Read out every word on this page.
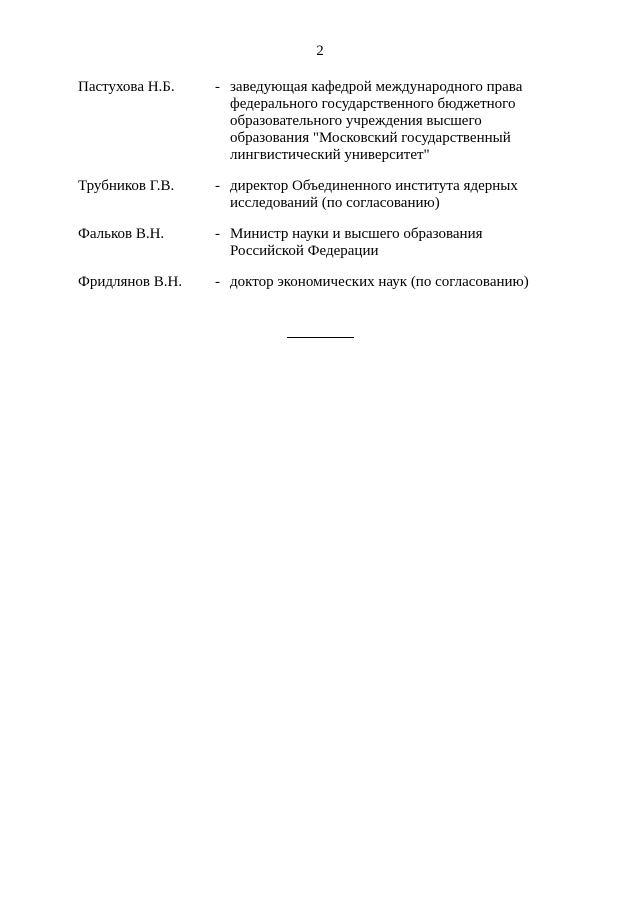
2
Пастухова Н.Б.	- заведующая кафедрой международного права
федерального государственного бюджетного
образовательного учреждения высшего
образования "Московский государственный
лингвистический университет"
Трубников Г.В.	- директор Объединенного института ядерных
исследований (по согласованию)
Фальков В.Н.	- Министр науки и высшего образования
Российской Федерации
Фридлянов В.Н.	- доктор экономических наук (по согласованию)
